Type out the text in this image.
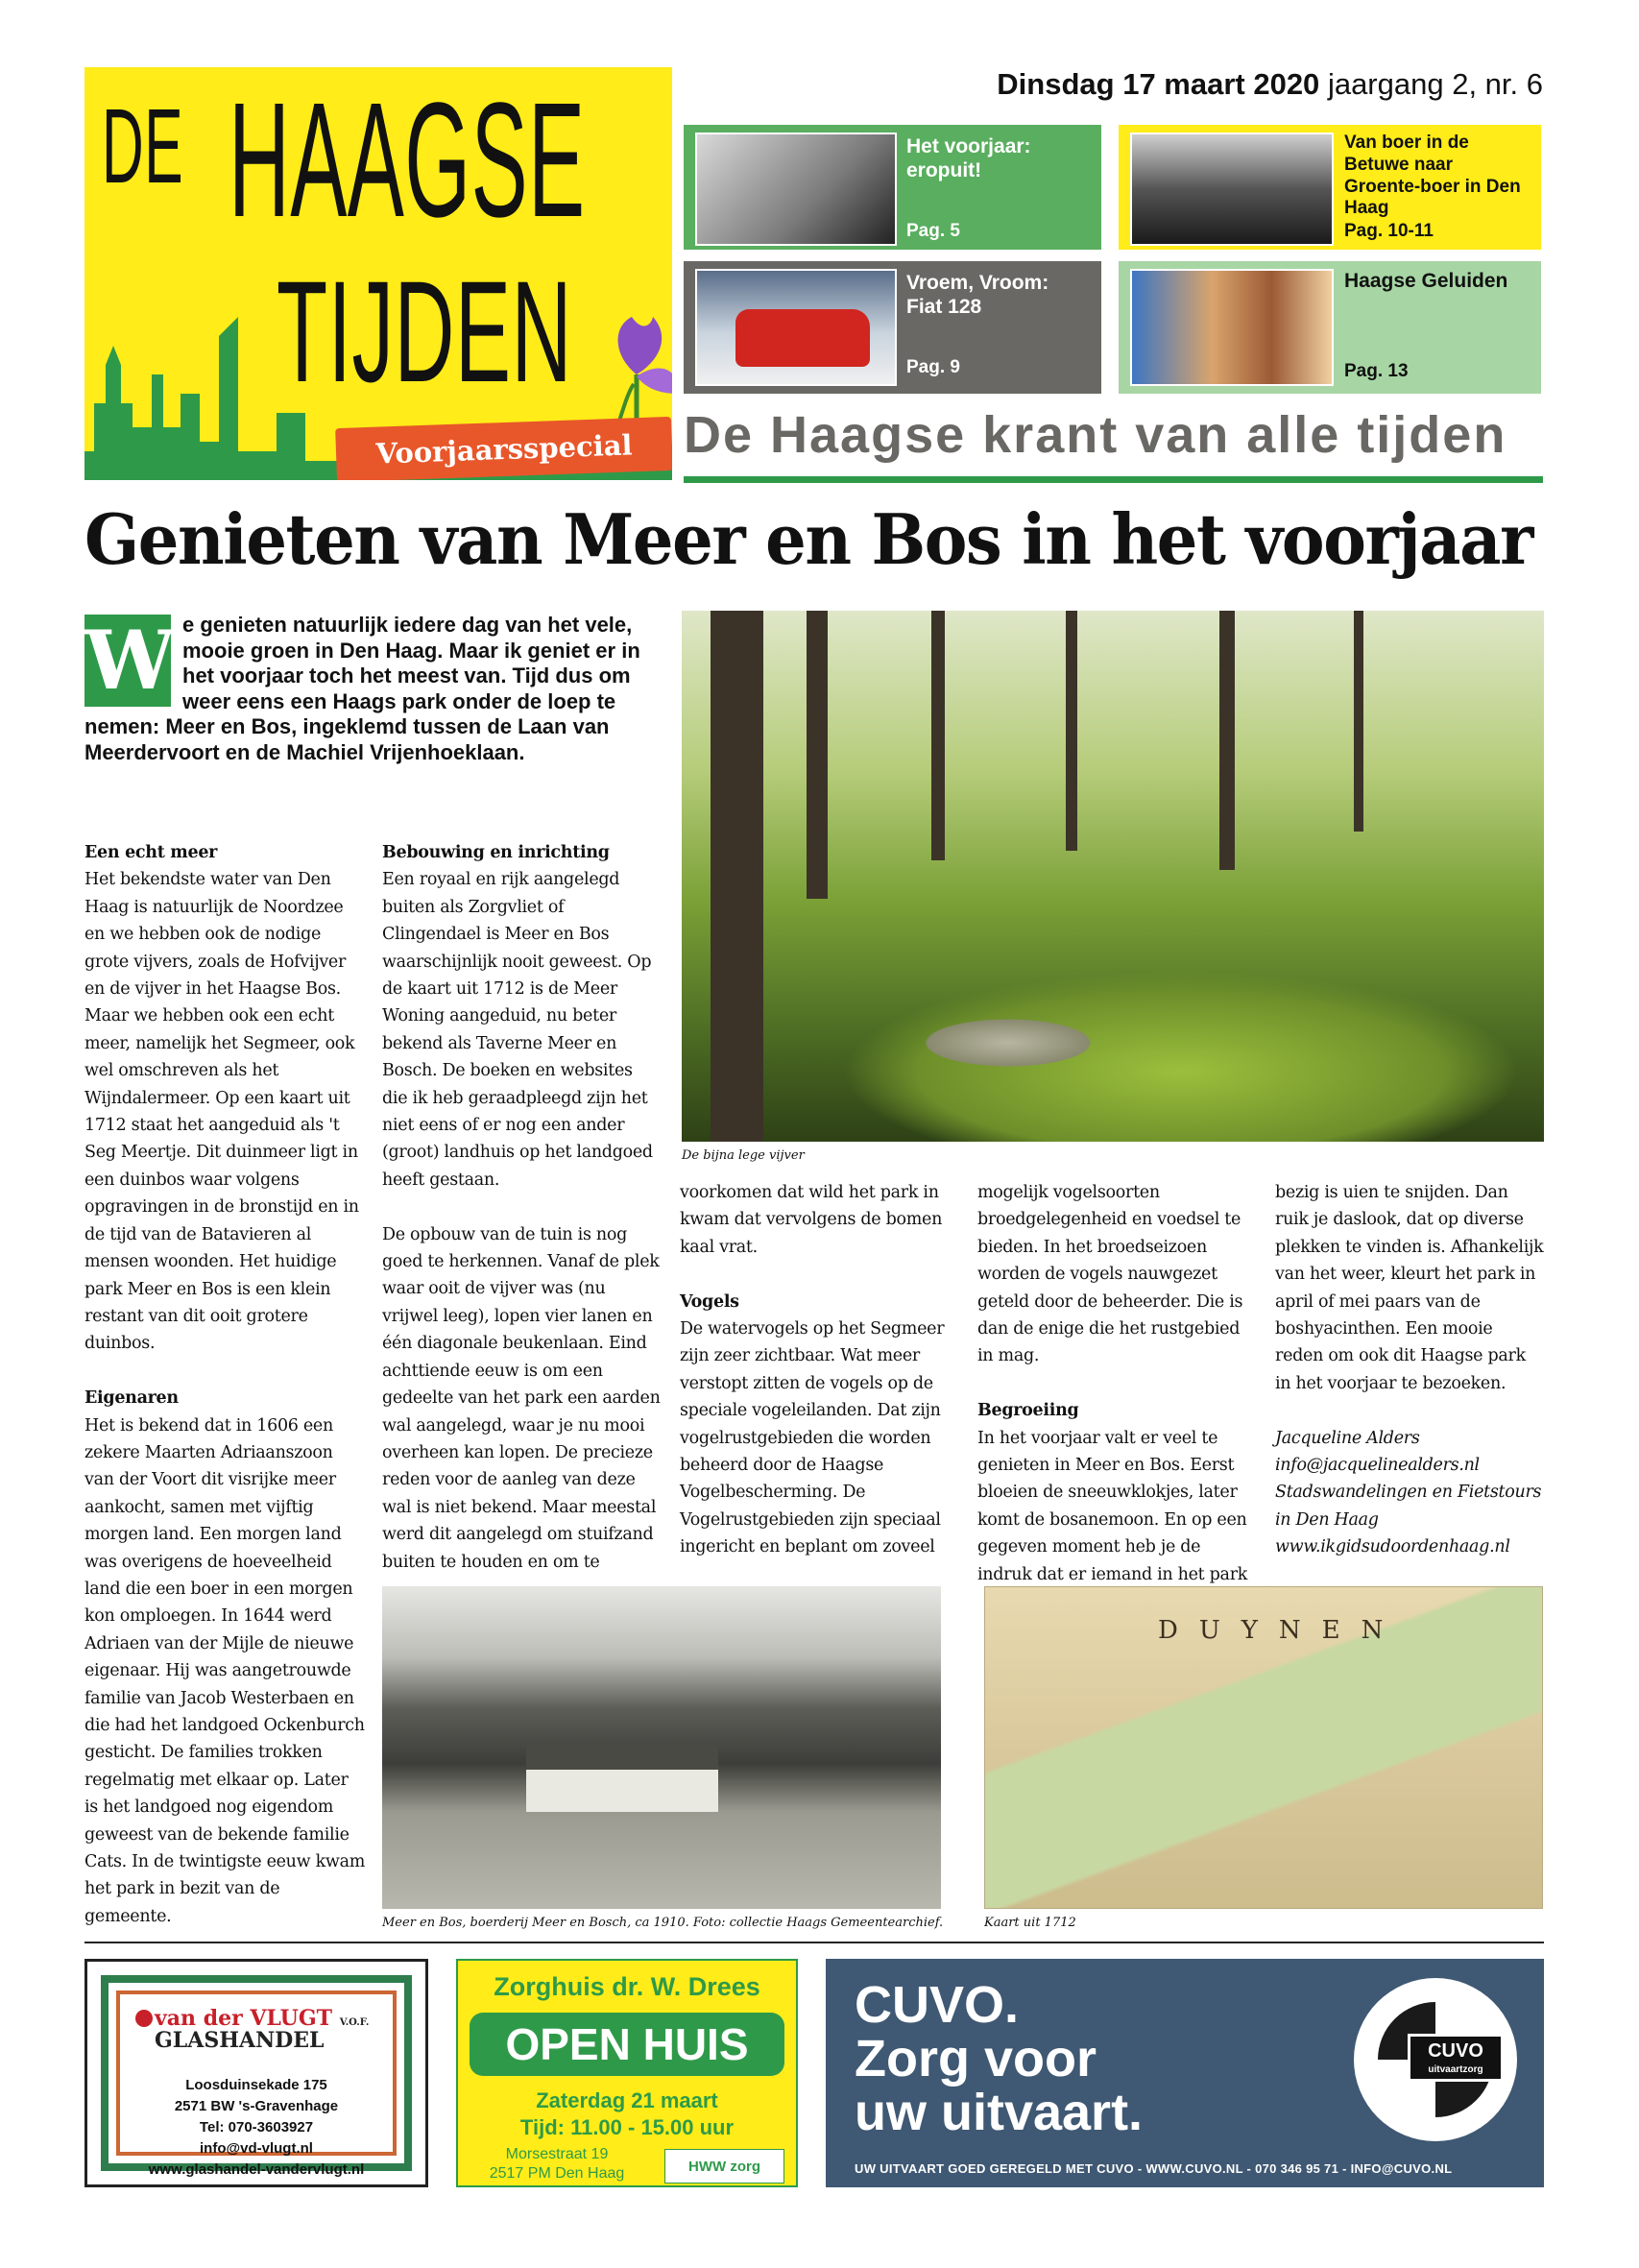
DE HAAGSE
TIJDEN
Voorjaarsspecial
Dinsdag 17 maart 2020 jaargang 2, nr. 6
Het voorjaar: eropuit!
Pag. 5
Van boer in de Betuwe naar Groente-boer in Den Haag
Pag. 10-11
Vroem, Vroom: Fiat 128
Pag. 9
Haagse Geluiden
Pag. 13
De Haagse krant van alle tijden
Genieten van Meer en Bos in het voorjaar
W e genieten natuurlijk iedere dag van het vele, mooie groen in Den Haag. Maar ik geniet er in het voorjaar toch het meest van. Tijd dus om weer eens een Haags park onder de loep te nemen: Meer en Bos, ingeklemd tussen de Laan van Meerdervoort en de Machiel Vrijenhoeklaan.
Een echt meer

Het bekendste water van Den Haag is natuurlijk de Noordzee en we hebben ook de nodige grote vijvers, zoals de Hofvijver en de vijver in het Haagse Bos. Maar we hebben ook een echt meer, namelijk het Segmeer, ook wel omschreven als het Wijndalermeer. Op een kaart uit 1712 staat het aangeduid als 't Seg Meertje. Dit duinmeer ligt in een duinbos waar volgens opgravingen in de bronstijd en in de tijd van de Batavieren al mensen woonden. Het huidige park Meer en Bos is een klein restant van dit ooit grotere duinbos.

Eigenaren

Het is bekend dat in 1606 een zekere Maarten Adriaanszoon van der Voort dit visrijke meer aankocht, samen met vijftig morgen land. Een morgen land was overigens de hoeveelheid land die een boer in een morgen kon omploegen. In 1644 werd Adriaen van der Mijle de nieuwe eigenaar. Hij was aangetrouwde familie van Jacob Westerbaen en die had het landgoed Ockenburch gesticht. De families trokken regelmatig met elkaar op. Later is het landgoed nog eigendom geweest van de bekende familie Cats. In de twintigste eeuw kwam het park in bezit van de gemeente.

Bebouwing en inrichting

Een royaal en rijk aangelegd buiten als Zorgvliet of Clingendael is Meer en Bos waarschijnlijk nooit geweest. Op de kaart uit 1712 is de Meer Woning aangeduid, nu beter bekend als Taverne Meer en Bosch. De boeken en websites die ik heb geraadpleegd zijn het niet eens of er nog een ander (groot) landhuis op het landgoed heeft gestaan.

De opbouw van de tuin is nog goed te herkennen. Vanaf de plek waar ooit de vijver was (nu vrijwel leeg), lopen vier lanen en één diagonale beukenlaan. Eind achttiende eeuw is om een gedeelte van het park een aarden wal aangelegd, waar je nu mooi overheen kan lopen. De precieze reden voor de aanleg van deze wal is niet bekend. Maar meestal werd dit aangelegd om stuifzand buiten te houden en om te

De bijna lege vijver

voorkomen dat wild het park in kwam dat vervolgens de bomen kaal vrat.

Vogels

De watervogels op het Segmeer zijn zeer zichtbaar. Wat meer verstopt zitten de vogels op de speciale vogeleilanden. Dat zijn vogelrustgebieden die worden beheerd door de Haagse Vogelbescherming. De Vogelrustgebieden zijn speciaal ingericht en beplant om zoveel

mogelijk vogelsoorten broedgelegenheid en voedsel te bieden. In het broedseizoen worden de vogels nauwgezet geteld door de beheerder. Die is dan de enige die het rustgebied in mag.

Begroeiing

In het voorjaar valt er veel te genieten in Meer en Bos. Eerst bloeien de sneeuwklokjes, later komt de bosanemoon. En op een gegeven moment heb je de indruk dat er iemand in het park

bezig is uien te snijden. Dan ruik je daslook, dat op diverse plekken te vinden is. Afhankelijk van het weer, kleurt het park in april of mei paars van de boshyacinthen. Een mooie reden om ook dit Haagse park in het voorjaar te bezoeken.

Jacqueline Alders
info@jacquelinealders.nl
Stadswandelingen en Fietstours
in Den Haag
www.ikgidsudoordenhaag.nl

Meer en Bos, boerderij Meer en Bosch, ca 1910. Foto: collectie Haags Gemeentearchief.
DUYNEN
Kaart uit 1712
van der VLUGT V.O.F.
GLASHANDEL
Loosduinsekade 175
2571 BW 's-Gravenhage
Tel: 070-3603927
info@vd-vlugt.nl
www.glashandel-vandervlugt.nl
Zorghuis dr. W. Drees
OPEN HUIS
Zaterdag 21 maart
Tijd: 11.00 - 15.00 uur
Morsestraat 19
2517 PM Den Haag	HWW zorg
CUVO.
Zorg voor
uw uitvaart.
CUVO
uitvaartzorg
UW UITVAART GOED GEREGELD MET CUVO - WWW.CUVO.NL - 070 346 95 71 - INFO@CUVO.NL
